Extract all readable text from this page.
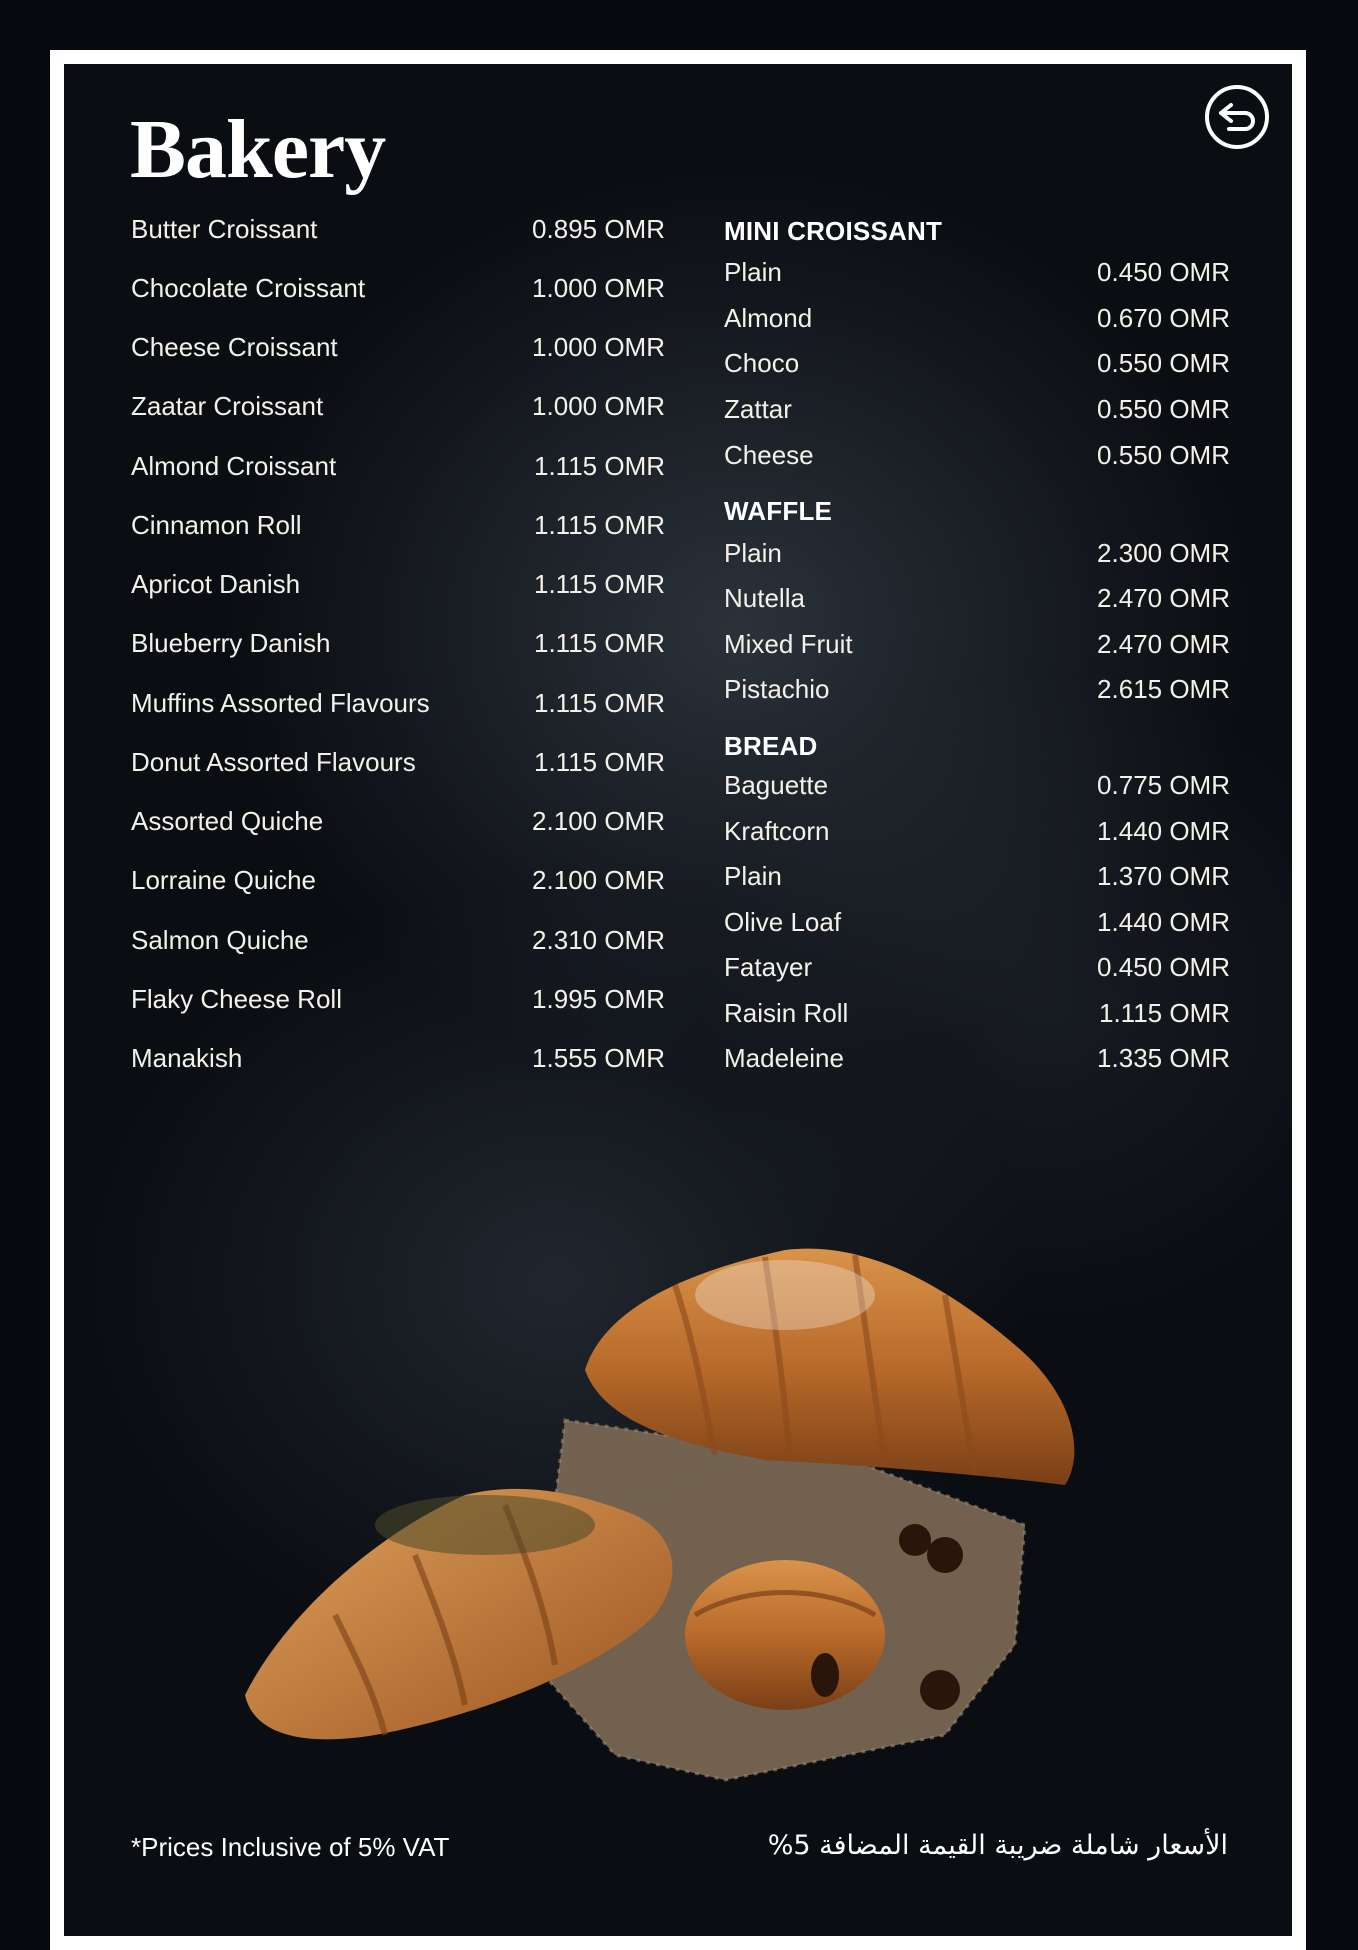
Bakery
Butter Croissant	0.895 OMR
Chocolate Croissant	1.000 OMR
Cheese Croissant	1.000 OMR
Zaatar Croissant	1.000 OMR
Almond Croissant	1.115 OMR
Cinnamon Roll	1.115 OMR
Apricot Danish	1.115 OMR
Blueberry Danish	1.115 OMR
Muffins Assorted Flavours	1.115 OMR
Donut Assorted Flavours	1.115 OMR
Assorted Quiche	2.100 OMR
Lorraine Quiche	2.100 OMR
Salmon Quiche	2.310 OMR
Flaky Cheese Roll	1.995 OMR
Manakish	1.555 OMR
MINI CROISSANT
Plain	0.450 OMR
Almond	0.670 OMR
Choco	0.550 OMR
Zattar	0.550 OMR
Cheese	0.550 OMR
WAFFLE
Plain	2.300 OMR
Nutella	2.470 OMR
Mixed Fruit	2.470 OMR
Pistachio	2.615 OMR
BREAD
Baguette	0.775 OMR
Kraftcorn	1.440 OMR
Plain	1.370 OMR
Olive Loaf	1.440 OMR
Fatayer	0.450 OMR
Raisin Roll	1.115 OMR
Madeleine	1.335 OMR
*Prices Inclusive of 5% VAT	الأسعار شاملة ضريبة القيمة المضافة 5%
